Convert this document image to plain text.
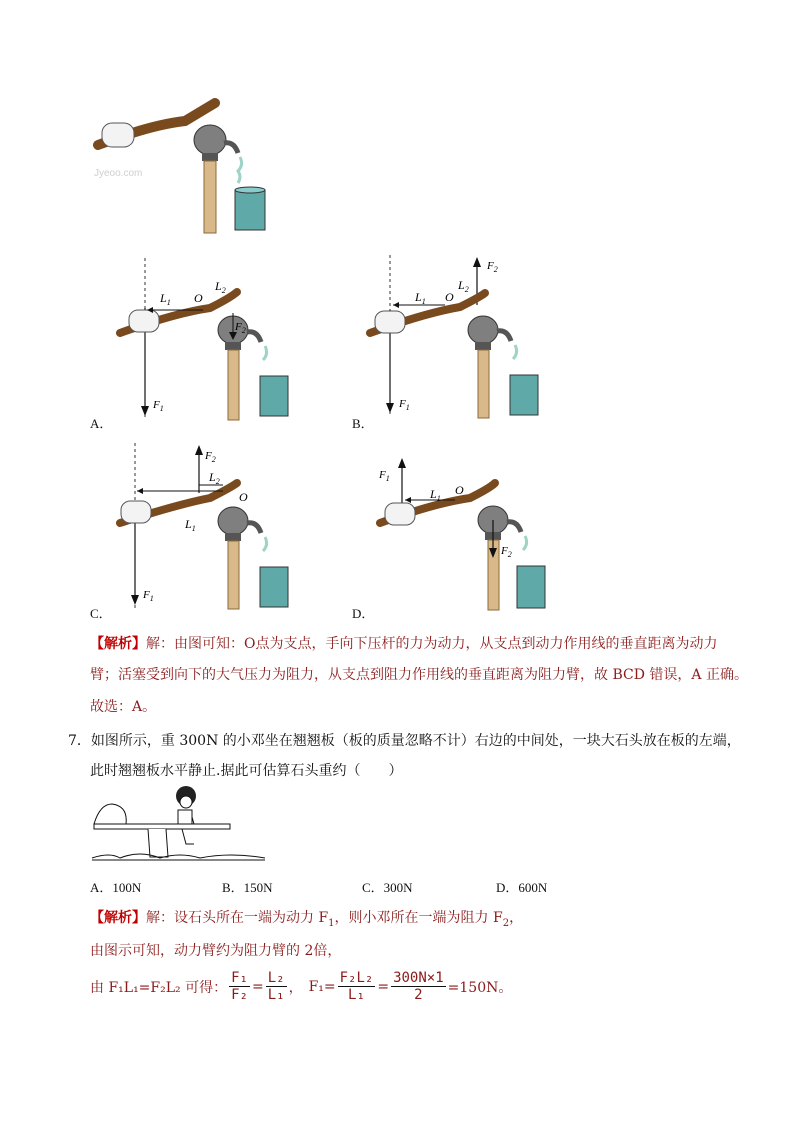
Jyeoo.com
$L_1$
$L_2$
O
$F_1$
$F_2$
A．
$L_1$
$L_2$
O
$F_1$
$F_2$
B．
$L_1$
$L_2$
O
$F_1$
$F_2$
C．
$L_1$
O
$F_1$
$F_2$
D．
【解析】解：由图可知：O点为支点，手向下压杆的力为动力，从支点到动力作用线的垂直距离为动力
臂；活塞受到向下的大气压力为阻力，从支点到阻力作用线的垂直距离为阻力臂，故 BCD 错误，A 正确。
故选：A。
7．如图所示，重 300N 的小邓坐在翘翘板（板的质量忽略不计）右边的中间处，一块大石头放在板的左端，
此时翘翘板水平静止.据此可估算石头重约（　　）
A．100N	B．150N	C．300N	D．600N
【解析】解：设石头所在一端为动力 $F_1$，则小邓所在一端为阻力 $F_2$，
由图示可知，动力臂约为阻力臂的 2倍，
由 F₁L₁=F₂L₂ 可得： $\frac{\text{F₁}}{\text{F₂}} = \frac{\text{L₂}}{\text{L₁}}$ ， $F_1= \frac{\text{F₂L₂}}{\text{L₁}} = \frac{300N\times 1}{2} =150N$。
